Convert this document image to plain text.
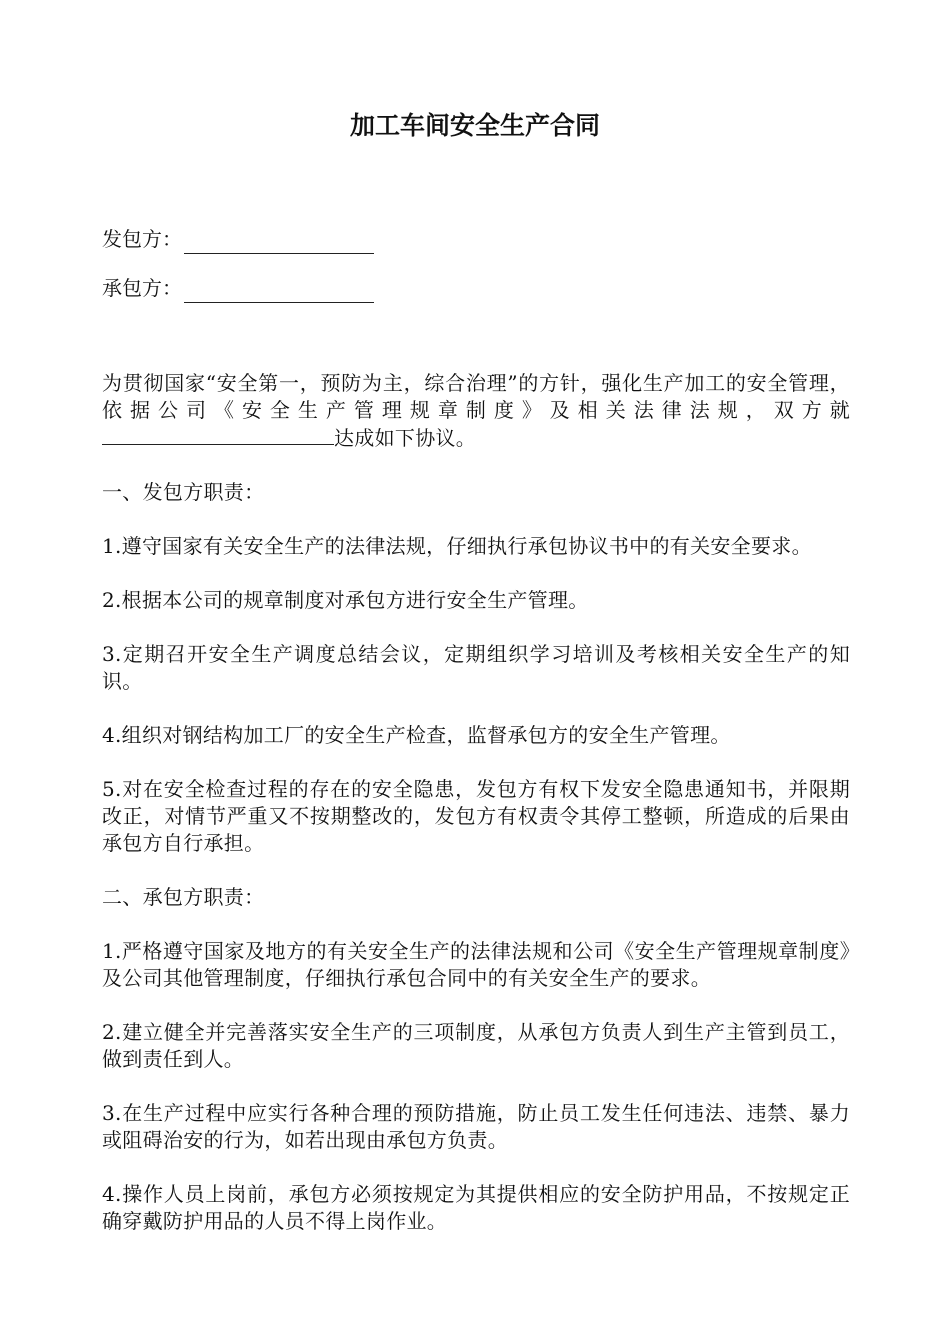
加工车间安全生产合同
发包方：
承包方：

为贯彻国家“安全第一，预防为主，综合治理”的方针，强化生产加工的安全管理，依据公司《安全生产管理规章制度》及相关法律法规，双方就达成如下协议。

一、发包方职责：

1.遵守国家有关安全生产的法律法规，仔细执行承包协议书中的有关安全要求。

2.根据本公司的规章制度对承包方进行安全生产管理。

3.定期召开安全生产调度总结会议，定期组织学习培训及考核相关安全生产的知识。

4.组织对钢结构加工厂的安全生产检查，监督承包方的安全生产管理。

5.对在安全检查过程的存在的安全隐患，发包方有权下发安全隐患通知书，并限期改正，对情节严重又不按期整改的，发包方有权责令其停工整顿，所造成的后果由承包方自行承担。

二、承包方职责：

1.严格遵守国家及地方的有关安全生产的法律法规和公司《安全生产管理规章制度》及公司其他管理制度，仔细执行承包合同中的有关安全生产的要求。

2.建立健全并完善落实安全生产的三项制度，从承包方负责人到生产主管到员工，做到责任到人。

3.在生产过程中应实行各种合理的预防措施，防止员工发生任何违法、违禁、暴力或阻碍治安的行为，如若出现由承包方负责。

4.操作人员上岗前，承包方必须按规定为其提供相应的安全防护用品，不按规定正确穿戴防护用品的人员不得上岗作业。
